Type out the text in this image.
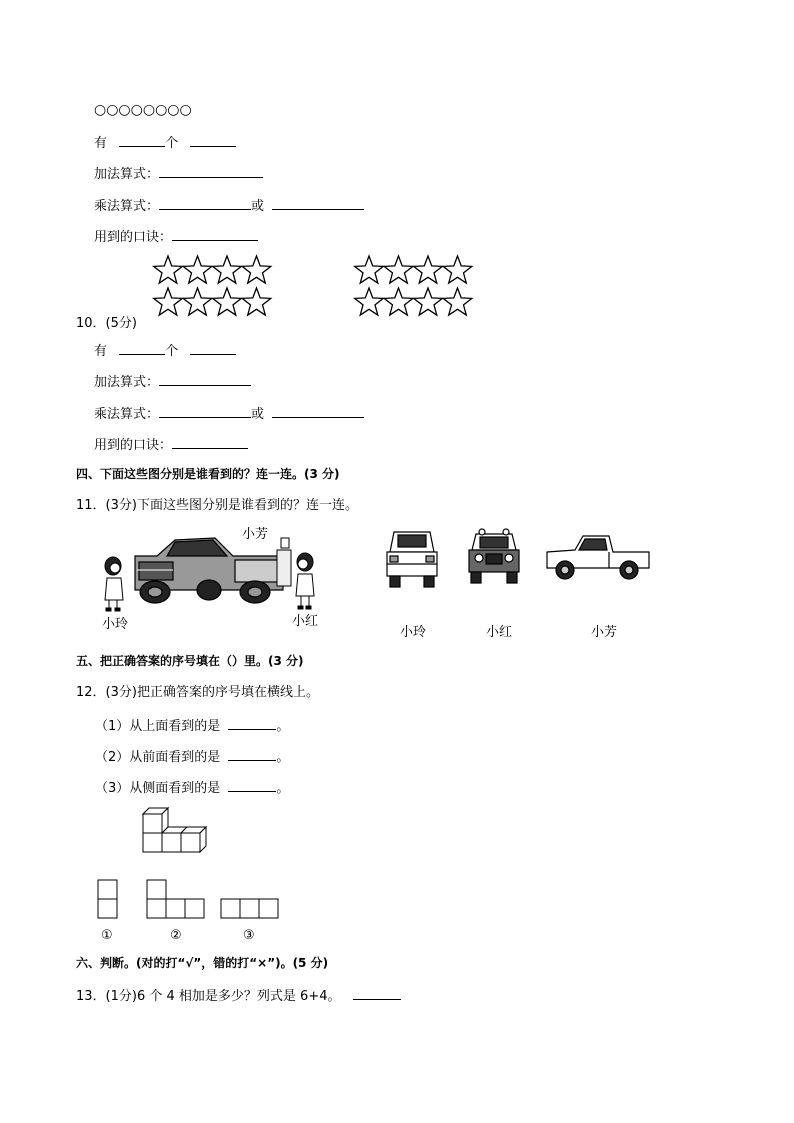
○○○○○○○○
有	个
加法算式：
乘法算式：	或
用到的口诀：
10．(5分)
有	个
加法算式：
乘法算式：	或
用到的口诀：
四、下面这些图分别是谁看到的？连一连。(3 分)
11．(3分)下面这些图分别是谁看到的？连一连。
小芳
小玲	小红
小玲	小红	小芳
五、把正确答案的序号填在（）里。(3 分)
12．(3分)把正确答案的序号填在横线上。
（1）从上面看到的是	。
（2）从前面看到的是	。
（3）从侧面看到的是	。
①	②	③
六、判断。(对的打“√”，错的打“×”)。(5 分)
13．(1分)6 个 4 相加是多少？列式是 6+4。
